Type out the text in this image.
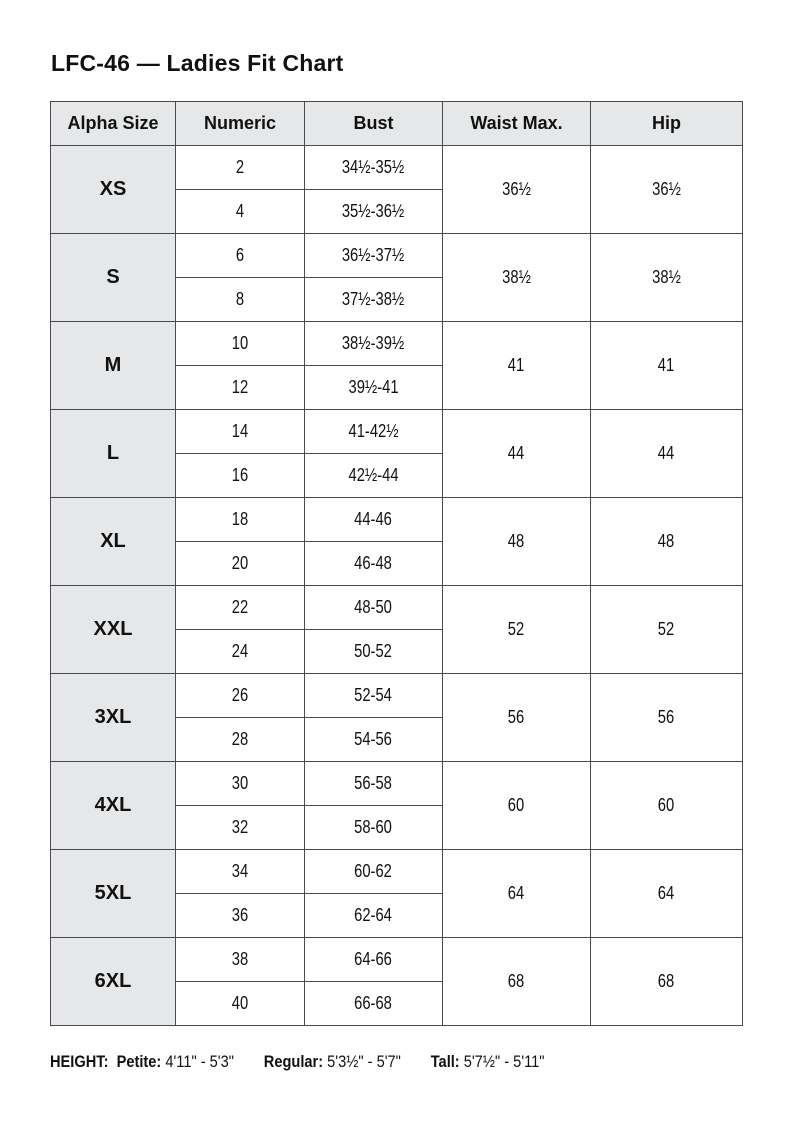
LFC-46 — Ladies Fit Chart
Alpha Size	Numeric	Bust	Waist Max.	Hip
XS	2	34½-35½	36½	36½
	4	35½-36½		
S	6	36½-37½	38½	38½
	8	37½-38½		
M	10	38½-39½	41	41
	12	39½-41		
L	14	41-42½	44	44
	16	42½-44		
XL	18	44-46	48	48
	20	46-48		
XXL	22	48-50	52	52
	24	50-52		
3XL	26	52-54	56	56
	28	54-56		
4XL	30	56-58	60	60
	32	58-60		
5XL	34	60-62	64	64
	36	62-64		
6XL	38	64-66	68	68
	40	66-68		
HEIGHT: Petite: 4'11" - 5'3" Regular: 5'3½" - 5'7" Tall: 5'7½" - 5'11"
